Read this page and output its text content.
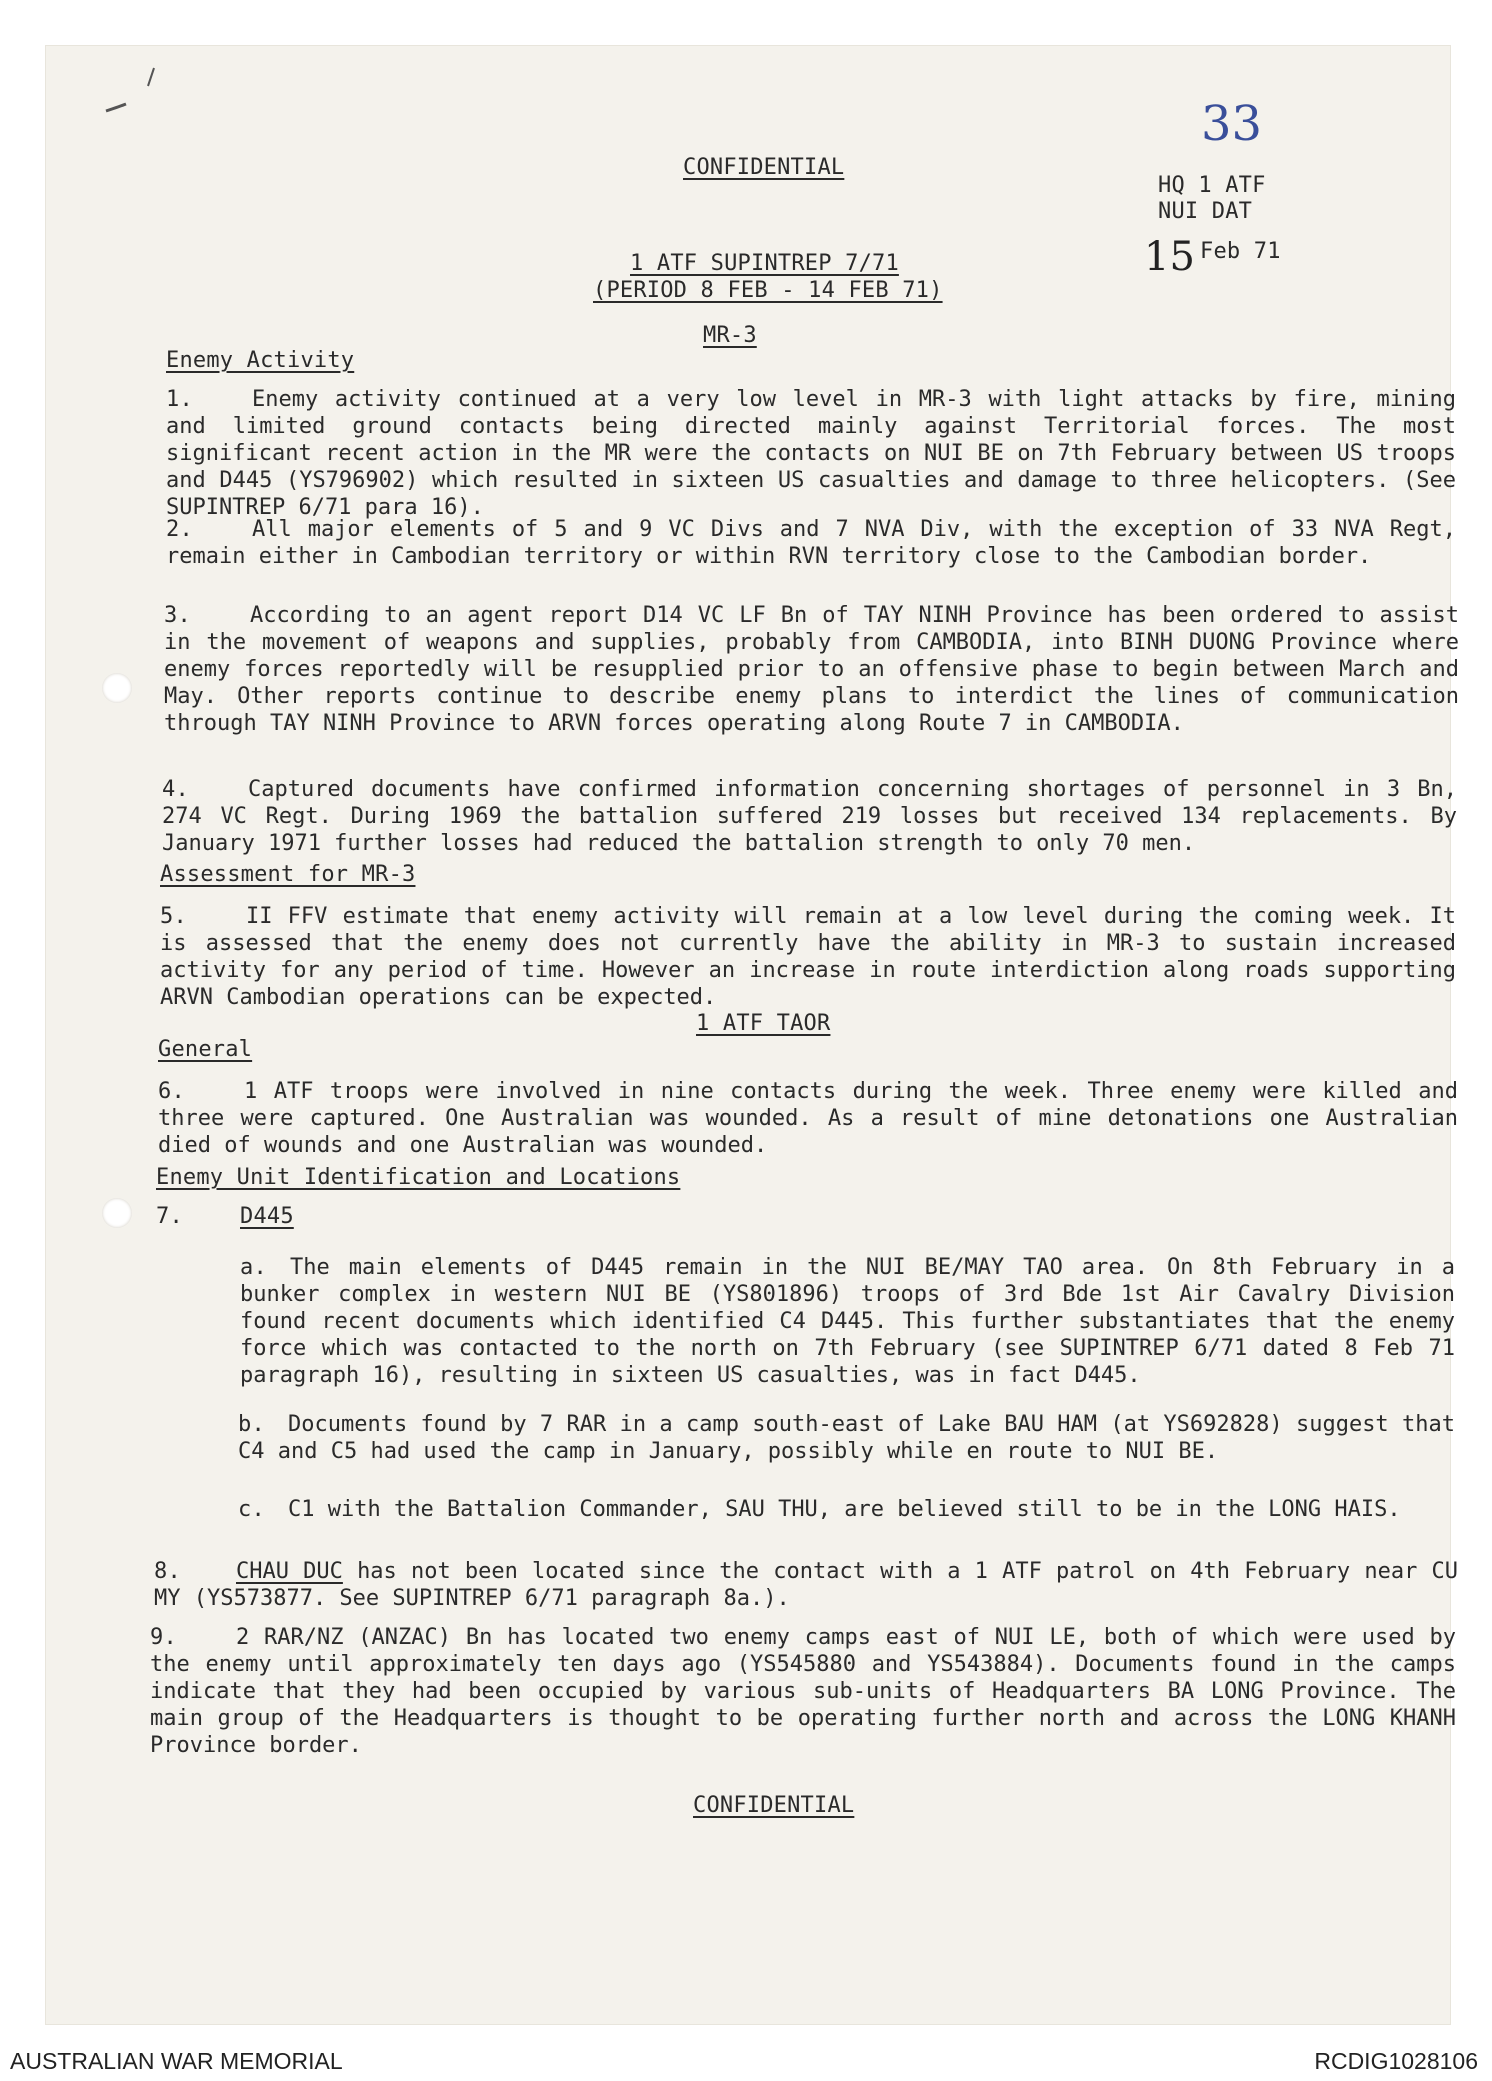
33
CONFIDENTIAL
HQ 1 ATF
NUI DAT
15 Feb 71
1 ATF SUPINTREP 7/71
(PERIOD 8 FEB - 14 FEB 71)
MR-3
Enemy Activity
1.	Enemy activity continued at a very low level in MR-3 with light attacks by fire, mining and limited ground contacts being directed mainly against Territorial forces. The most significant recent action in the MR were the contacts on NUI BE on 7th February between US troops and D445 (YS796902) which resulted in sixteen US casualties and damage to three helicopters. (See SUPINTREP 6/71 para 16).
2.	All major elements of 5 and 9 VC Divs and 7 NVA Div, with the exception of 33 NVA Regt, remain either in Cambodian territory or within RVN territory close to the Cambodian border.
3.	According to an agent report D14 VC LF Bn of TAY NINH Province has been ordered to assist in the movement of weapons and supplies, probably from CAMBODIA, into BINH DUONG Province where enemy forces reportedly will be resupplied prior to an offensive phase to begin between March and May. Other reports continue to describe enemy plans to interdict the lines of communication through TAY NINH Province to ARVN forces operating along Route 7 in CAMBODIA.
4.	Captured documents have confirmed information concerning shortages of personnel in 3 Bn, 274 VC Regt. During 1969 the battalion suffered 219 losses but received 134 replacements. By January 1971 further losses had reduced the battalion strength to only 70 men.
Assessment for MR-3
5.	II FFV estimate that enemy activity will remain at a low level during the coming week. It is assessed that the enemy does not currently have the ability in MR-3 to sustain increased activity for any period of time. However an increase in route interdiction along roads supporting ARVN Cambodian operations can be expected.
1 ATF TAOR
General
6.	1 ATF troops were involved in nine contacts during the week. Three enemy were killed and three were captured. One Australian was wounded. As a result of mine detonations one Australian died of wounds and one Australian was wounded.
Enemy Unit Identification and Locations
7.	D445
a.	The main elements of D445 remain in the NUI BE/MAY TAO area. On 8th February in a bunker complex in western NUI BE (YS801896) troops of 3rd Bde 1st Air Cavalry Division found recent documents which identified C4 D445. This further substantiates that the enemy force which was contacted to the north on 7th February (see SUPINTREP 6/71 dated 8 Feb 71 paragraph 16), resulting in sixteen US casualties, was in fact D445.
b.	Documents found by 7 RAR in a camp south-east of Lake BAU HAM (at YS692828) suggest that C4 and C5 had used the camp in January, possibly while en route to NUI BE.
c.	C1 with the Battalion Commander, SAU THU, are believed still to be in the LONG HAIS.
8.	CHAU DUC has not been located since the contact with a 1 ATF patrol on 4th February near CU MY (YS573877. See SUPINTREP 6/71 paragraph 8a.).
9.	2 RAR/NZ (ANZAC) Bn has located two enemy camps east of NUI LE, both of which were used by the enemy until approximately ten days ago (YS545880 and YS543884). Documents found in the camps indicate that they had been occupied by various sub-units of Headquarters BA LONG Province. The main group of the Headquarters is thought to be operating further north and across the LONG KHANH Province border.
CONFIDENTIAL
AUSTRALIAN WAR MEMORIAL	RCDIG1028106
